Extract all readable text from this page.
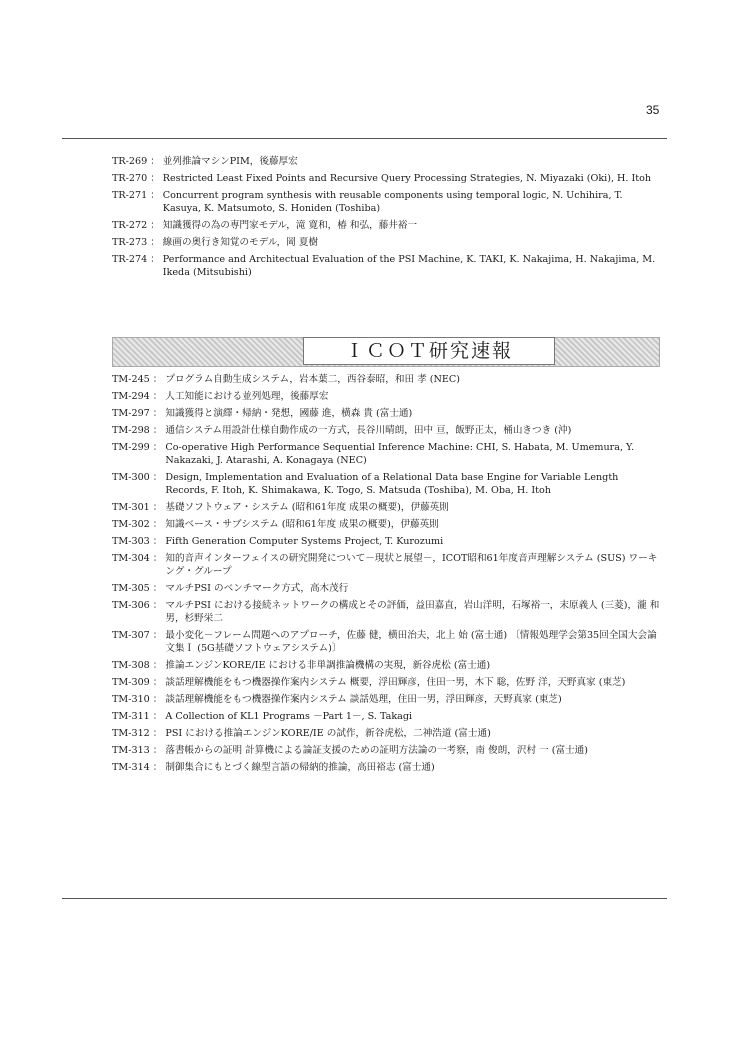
35
TR-269 ： 並列推論マシンPIM，後藤厚宏
TR-270 ： Restricted Least Fixed Points and Recursive Query Processing Strategies, N. Miyazaki (Oki), H. Itoh
TR-271 ： Concurrent program synthesis with reusable components using temporal logic, N. Uchihira, T. Kasuya, K. Matsumoto, S. Honiden (Toshiba)
TR-272 ： 知識獲得の為の専門家モデル，滝 寛和，椿 和弘，藤井裕一
TR-273 ： 線画の奥行き知覚のモデル，岡 夏樹
TR-274 ： Performance and Architectual Evaluation of the PSI Machine, K. TAKI, K. Nakajima, H. Nakajima, M. Ikeda (Mitsubishi)
ＩＣＯＴ研究速報
TM-245 ： プログラム自動生成システム，岩本葉二，西谷泰昭，和田 孝 (NEC)
TM-294 ： 人工知能における並列処理，後藤厚宏
TM-297 ： 知識獲得と演繹・帰納・発想，國藤 進，横森 貴 (富士通)
TM-298 ： 通信システム用設計仕様自動作成の一方式，長谷川晴朗，田中 亘，飯野正太，桶山きつき (沖)
TM-299 ： Co-operative High Performance Sequential Inference Machine: CHI, S. Habata, M. Umemura, Y. Nakazaki, J. Atarashi, A. Konagaya (NEC)
TM-300 ： Design, Implementation and Evaluation of a Relational Data base Engine for Variable Length Records, F. Itoh, K. Shimakawa, K. Togo, S. Matsuda (Toshiba), M. Oba, H. Itoh
TM-301 ： 基礎ソフトウェア・システム (昭和61年度 成果の概要)，伊藤英則
TM-302 ： 知識ベース・サブシステム (昭和61年度 成果の概要)，伊藤英則
TM-303 ： Fifth Generation Computer Systems Project, T. Kurozumi
TM-304 ： 知的音声インターフェイスの研究開発について－現状と展望－，ICOT昭和61年度音声理解システム (SUS) ワーキング・グループ
TM-305 ： マルチPSI のベンチマーク方式，高木茂行
TM-306 ： マルチPSI における接続ネットワークの構成とその評価，益田嘉直，岩山洋明，石塚裕一，末原義人 (三菱)，瀧 和男，杉野栄二
TM-307 ： 最小変化－フレーム問題へのアプローチ，佐藤 健，横田治夫，北上 始 (富士通) 〔情報処理学会第35回全国大会論文集Ｉ (5G基礎ソフトウェアシステム)〕
TM-308 ： 推論エンジンKORE/IE における非単調推論機構の実現，新谷虎松 (富士通)
TM-309 ： 談話理解機能をもつ機器操作案内システム 概要，浮田輝彦，住田一男，木下 聡，佐野 洋，天野真家 (東芝)
TM-310 ： 談話理解機能をもつ機器操作案内システム 談話処理，住田一男，浮田輝彦，天野真家 (東芝)
TM-311 ： A Collection of KL1 Programs －Part 1－, S. Takagi
TM-312 ： PSI における推論エンジンKORE/IE の試作，新谷虎松，二神浩道 (富士通)
TM-313 ： 落書帳からの証明 計算機による論証支援のための証明方法論の一考察，南 俊朗，沢村 一 (富士通)
TM-314 ： 制御集合にもとづく線型言語の帰納的推論，高田裕志 (富士通)
